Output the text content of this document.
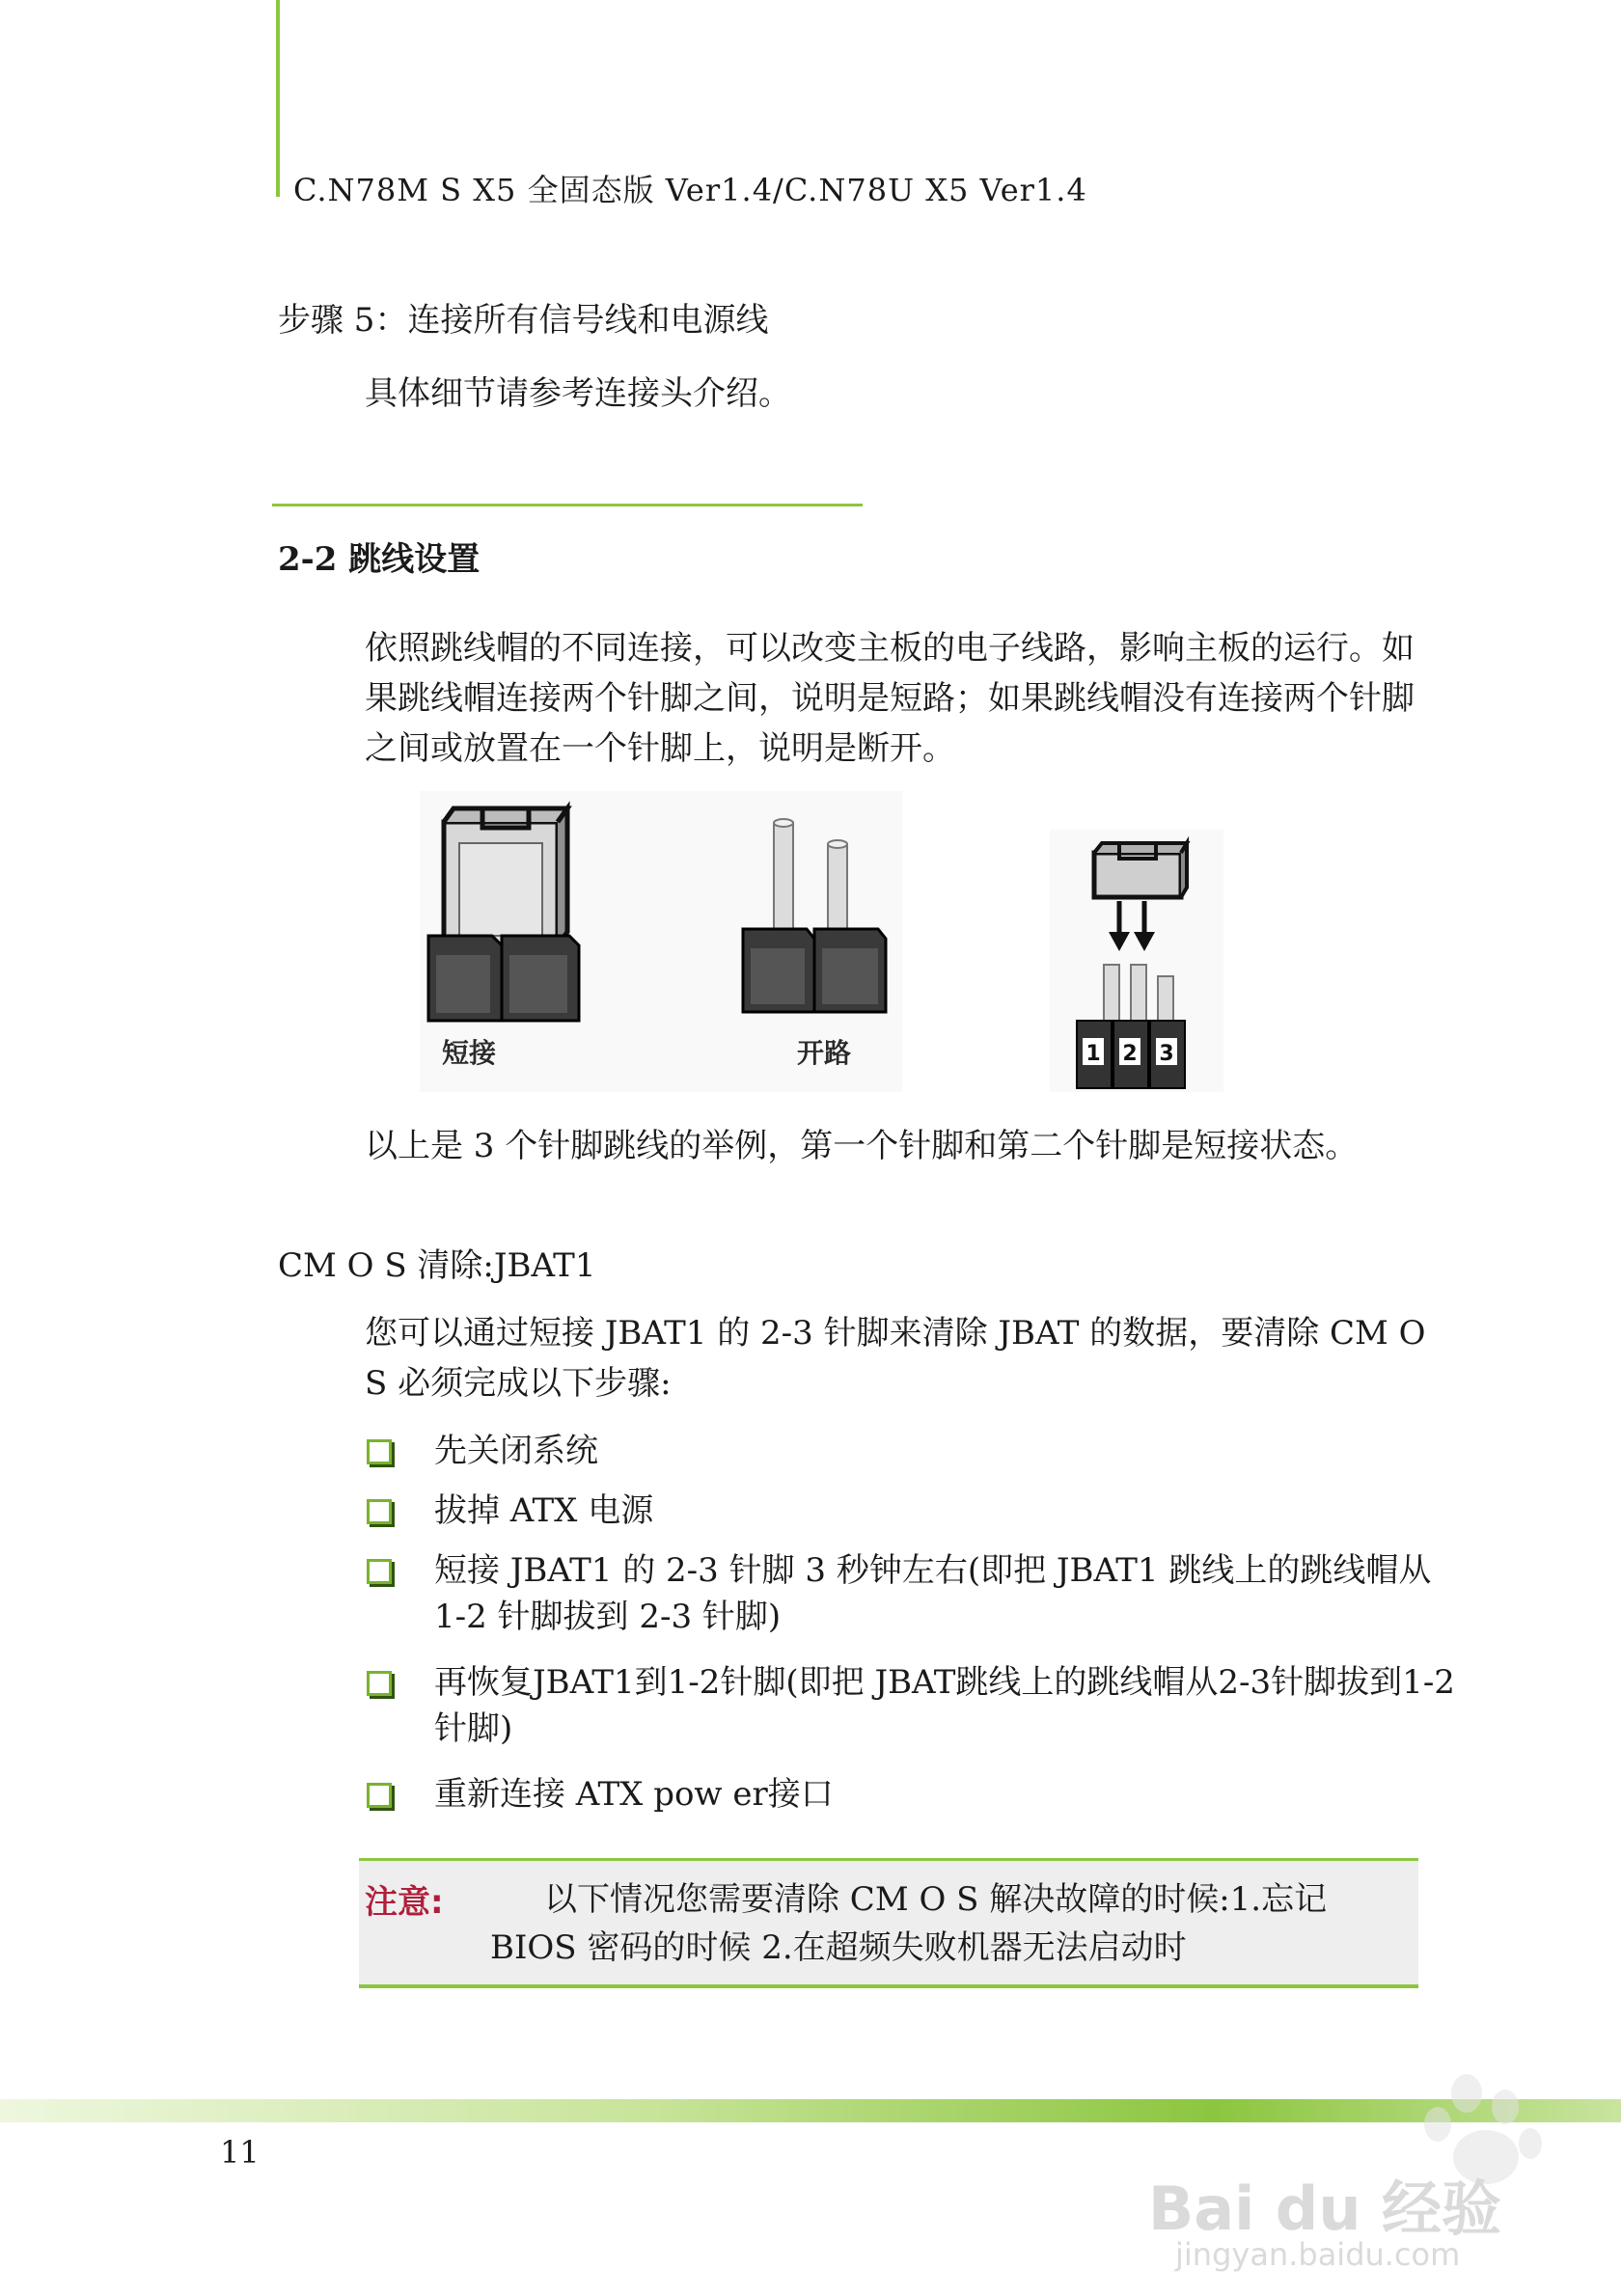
C.N78M S X5 全固态版 Ver1.4/C.N78U X5 Ver1.4
步骤 5：连接所有信号线和电源线
具体细节请参考连接头介绍。
2-2 跳线设置
依照跳线帽的不同连接，可以改变主板的电子线路，影响主板的运行。如果跳线帽连接两个针脚之间，说明是短路；如果跳线帽没有连接两个针脚之间或放置在一个针脚上，说明是断开。
短接	开路	1 2 3
以上是 3 个针脚跳线的举例，第一个针脚和第二个针脚是短接状态。
CM O S 清除:JBAT1
您可以通过短接 JBAT1 的 2-3 针脚来清除 JBAT 的数据，要清除 CM O S 必须完成以下步骤:
先关闭系统
拔掉 ATX 电源
短接 JBAT1 的 2-3 针脚 3 秒钟左右(即把 JBAT1 跳线上的跳线帽从 1-2 针脚拔到 2-3 针脚)
再恢复JBAT1到1-2针脚(即把 JBAT跳线上的跳线帽从2-3针脚拔到1-2针脚)
重新连接 ATX pow er接口
注意:	以下情况您需要清除 CM O S 解决故障的时候:1.忘记 BIOS 密码的时候 2.在超频失败机器无法启动时
11
Bai du 经验
jingyan.baidu.com
